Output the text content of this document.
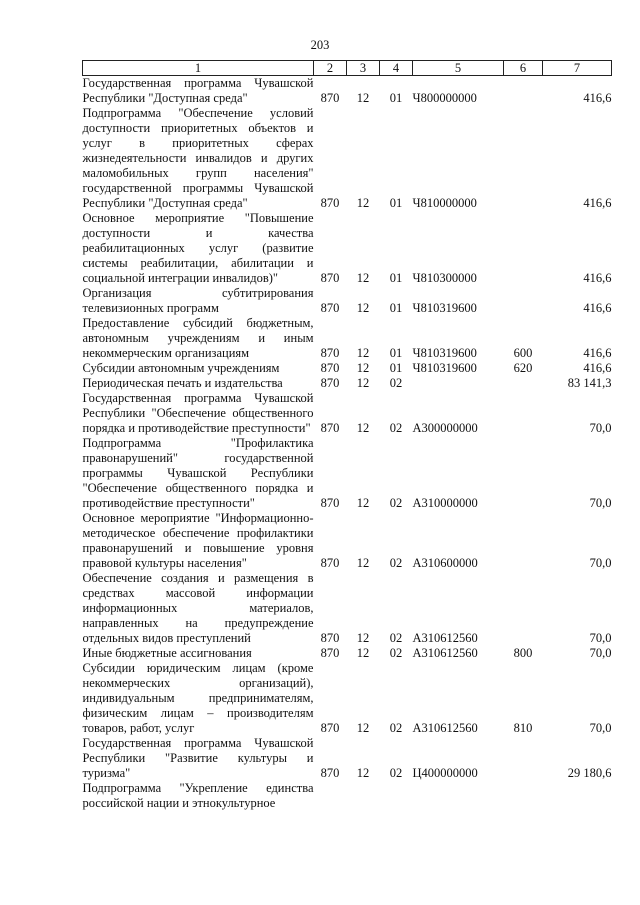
203
1	2	3	4	5	6	7
Государственная программа Чувашской Республики "Доступная среда"	870	12	01	Ч800000000		416,6
Подпрограмма "Обеспечение условий доступности приоритетных объектов и услуг в приоритетных сферах жизнедеятельности инвалидов и других маломобильных групп населения" государственной программы Чувашской Республики "Доступная среда"	870	12	01	Ч810000000		416,6
Основное мероприятие "Повышение доступности и качества реабилитационных услуг (развитие системы реабилитации, абилитации и социальной интеграции инвалидов)"	870	12	01	Ч810300000		416,6
Организация субтитрирования телевизионных программ	870	12	01	Ч810319600		416,6
Предоставление субсидий бюджетным, автономным учреждениям и иным некоммерческим организациям	870	12	01	Ч810319600	600	416,6
Субсидии автономным учреждениям	870	12	01	Ч810319600	620	416,6
Периодическая печать и издательства	870	12	02			83 141,3
Государственная программа Чувашской Республики "Обеспечение общественного порядка и противодействие преступности"	870	12	02	А300000000		70,0
Подпрограмма "Профилактика правонарушений" государственной программы Чувашской Республики "Обеспечение общественного порядка и противодействие преступности"	870	12	02	А310000000		70,0
Основное мероприятие "Информационно-методическое обеспечение профилактики правонарушений и повышение уровня правовой культуры населения"	870	12	02	А310600000		70,0
Обеспечение создания и размещения в средствах массовой информации информационных материалов, направленных на предупреждение отдельных видов преступлений	870	12	02	А310612560		70,0
Иные бюджетные ассигнования	870	12	02	А310612560	800	70,0
Субсидии юридическим лицам (кроме некоммерческих организаций), индивидуальным предпринимателям, физическим лицам – производителям товаров, работ, услуг	870	12	02	А310612560	810	70,0
Государственная программа Чувашской Республики "Развитие культуры и туризма"	870	12	02	Ц400000000		29 180,6
Подпрограмма "Укрепление единства российской нации и этнокультурное						
